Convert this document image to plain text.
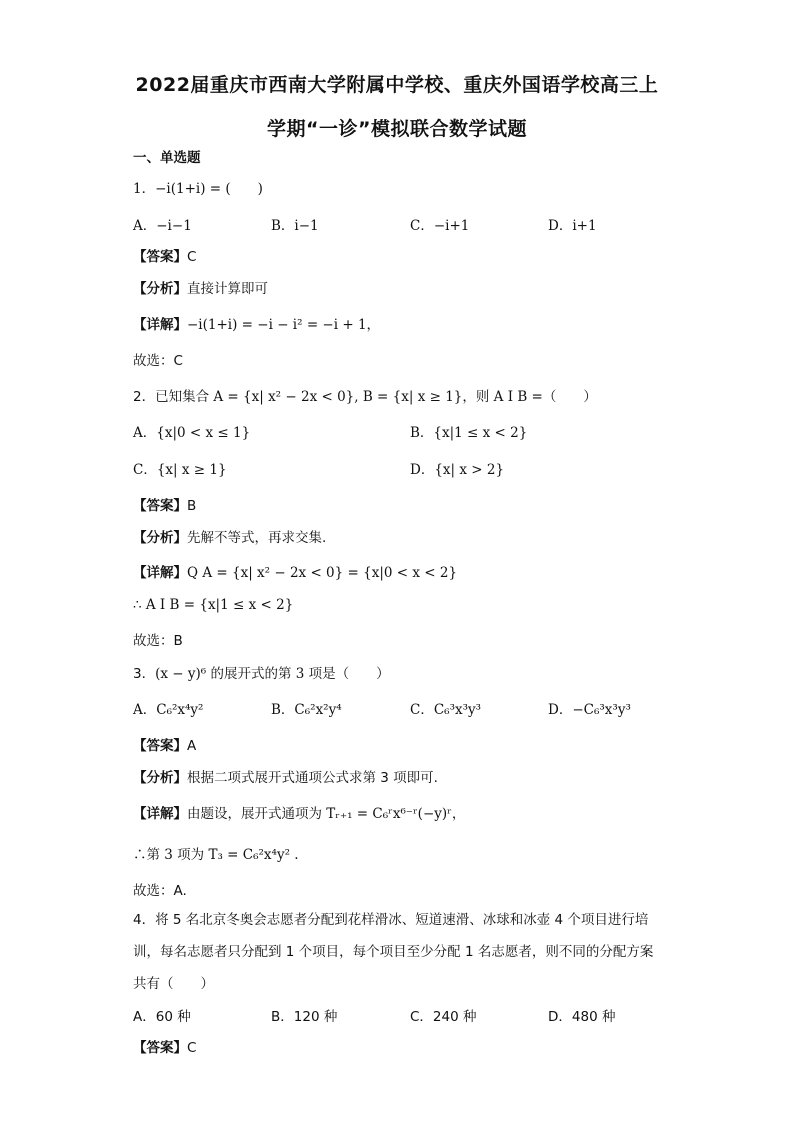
2022届重庆市西南大学附属中学校、重庆外国语学校高三上
学期“一诊”模拟联合数学试题
一、单选题
1．−i(1+i) = (　　)
A．−i−1	B．i−1	C．−i+1	D．i+1
【答案】C
【分析】直接计算即可
【详解】−i(1+i) = −i − i² = −i + 1，
故选：C
2．已知集合 A = {x| x² − 2x < 0}, B = {x| x ≥ 1}，则 A I B =（　　）
A．{x|0 < x ≤ 1}	B．{x|1 ≤ x < 2}
C．{x| x ≥ 1}	D．{x| x > 2}
【答案】B
【分析】先解不等式，再求交集.
【详解】Q A = {x| x² − 2x < 0} = {x|0 < x < 2}
∴ A I B = {x|1 ≤ x < 2}
故选：B
3．(x − y)⁶ 的展开式的第 3 项是（　　）
A．C₆²x⁴y²	B．C₆²x²y⁴	C．C₆³x³y³	D．−C₆³x³y³
【答案】A
【分析】根据二项式展开式通项公式求第 3 项即可.
【详解】由题设，展开式通项为 Tᵣ₊₁ = C₆ʳx⁶⁻ʳ(−y)ʳ，
∴第 3 项为 T₃ = C₆²x⁴y² .
故选：A.
4．将 5 名北京冬奥会志愿者分配到花样滑冰、短道速滑、冰球和冰壶 4 个项目进行培训，每名志愿者只分配到 1 个项目，每个项目至少分配 1 名志愿者，则不同的分配方案共有（　　）
A．60 种	B．120 种	C．240 种	D．480 种
【答案】C
